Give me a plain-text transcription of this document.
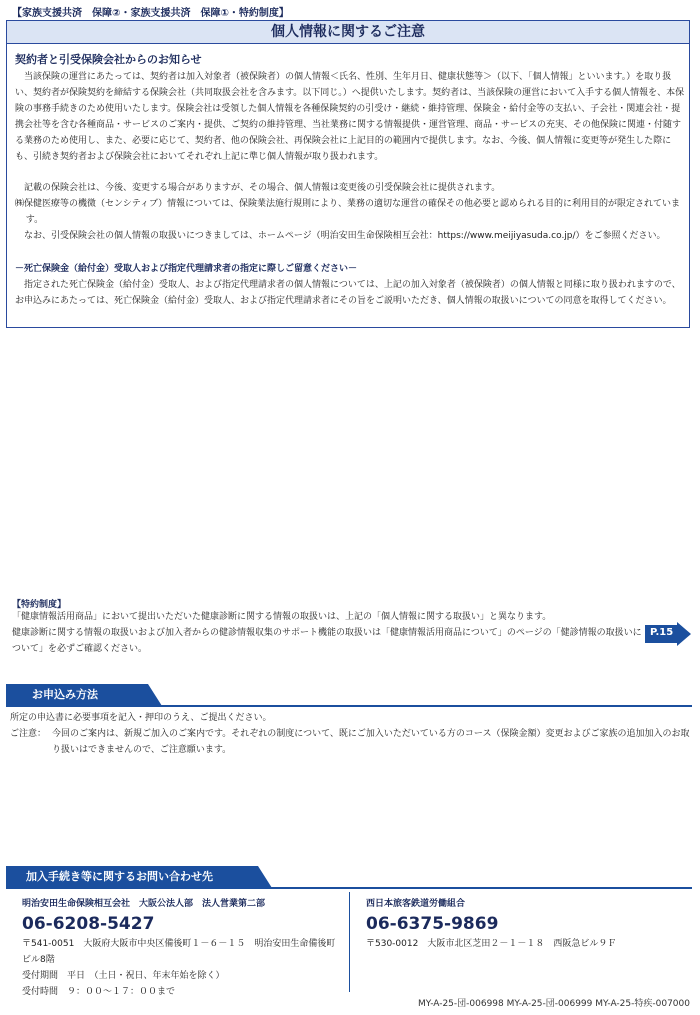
【家族支援共済　保障②・家族支援共済　保障①・特約制度】
個人情報に関するご注意
契約者と引受保険会社からのお知らせ
当該保険の運営にあたっては、契約者は加入対象者（被保険者）の個人情報＜氏名、性別、生年月日、健康状態等＞（以下、「個人情報」といいます。）を取り扱い、契約者が保険契約を締結する保険会社（共同取扱会社を含みます。以下同じ。）へ提供いたします。契約者は、当該保険の運営において入手する個人情報を、本保険の事務手続きのため使用いたします。保険会社は受領した個人情報を各種保険契約の引受け・継続・維持管理、保険金・給付金等の支払い、子会社・関連会社・提携会社等を含む各種商品・サービスのご案内・提供、ご契約の維持管理、当社業務に関する情報提供・運営管理、商品・サービスの充実、その他保険に関連・付随する業務のため使用し、また、必要に応じて、契約者、他の保険会社、再保険会社に上記目的の範囲内で提供します。なお、今後、個人情報に変更等が発生した際にも、引続き契約者および保険会社においてそれぞれ上記に準じ個人情報が取り扱われます。
記載の保険会社は、今後、変更する場合がありますが、その場合、個人情報は変更後の引受保険会社に提供されます。
㈱保健医療等の機微（センシティブ）情報については、保険業法施行規則により、業務の適切な運営の確保その他必要と認められる目的に利用目的が限定されています。
なお、引受保険会社の個人情報の取扱いにつきましては、ホームページ（明治安田生命保険相互会社：https://www.meijiyasuda.co.jp/）をご参照ください。
－死亡保険金（給付金）受取人および指定代理請求者の指定に際しご留意ください－
指定された死亡保険金（給付金）受取人、および指定代理請求者の個人情報については、上記の加入対象者（被保険者）の個人情報と同様に取り扱われますので、お申込みにあたっては、死亡保険金（給付金）受取人、および指定代理請求者にその旨をご説明いただき、個人情報の取扱いについての同意を取得してください。
【特約制度】
「健康情報活用商品」において提出いただいた健康診断に関する情報の取扱いは、上記の「個人情報に関する取扱い」と異なります。
健康診断に関する情報の取扱いおよび加入者からの健診情報収集のサポート機能の取扱いは「健康情報活用商品について」のページの「健診情報の取扱いについて」を必ずご確認ください。
P.15
お申込み方法
所定の申込書に必要事項を記入・押印のうえ、ご提出ください。
ご注意： 今回のご案内は、新規ご加入のご案内です。それぞれの制度について、既にご加入いただいている方のコース（保険金額）変更およびご家族の追加加入のお取り扱いはできませんので、ご注意願います。
加入手続き等に関するお問い合わせ先
明治安田生命保険相互会社　大阪公法人部　法人営業第二部
06-6208-5427
〒541-0051　大阪府大阪市中央区備後町１－６－１５　明治安田生命備後町ビル8階
受付期間　平日　（土日・祝日、年末年始を除く）
受付時間　９：００～１７：００まで
西日本旅客鉄道労働組合
06-6375-9869
〒530-0012　大阪市北区芝田２－１－１８　西阪急ビル９Ｆ
MY-A-25-団-006998 MY-A-25-団-006999 MY-A-25-特疾-007000
